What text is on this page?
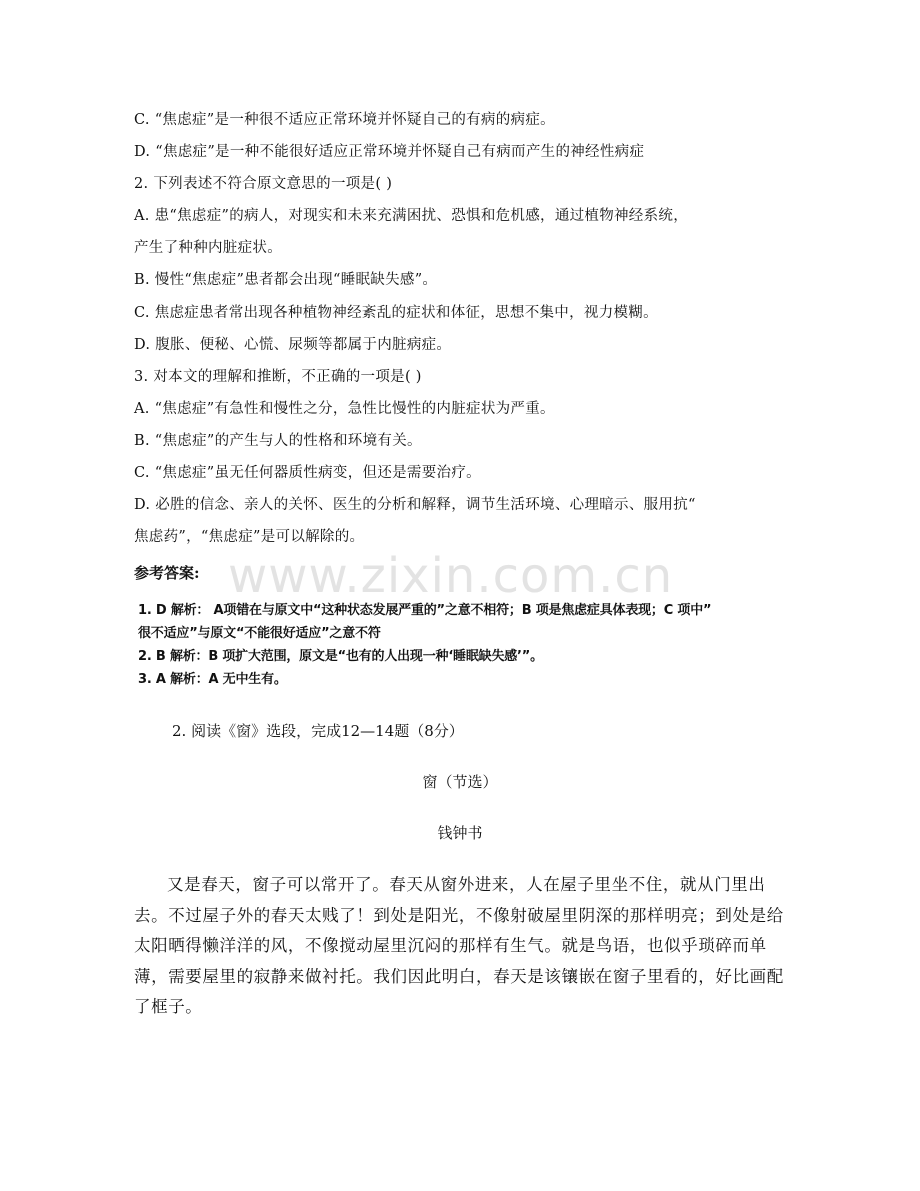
www.zixin.com.cn
C. “焦虑症”是一种很不适应正常环境并怀疑自己的有病的病症。
D. “焦虑症”是一种不能很好适应正常环境并怀疑自己有病而产生的神经性病症
2. 下列表述不符合原文意思的一项是( )
A. 患“焦虑症”的病人，对现实和未来充满困扰、恐惧和危机感，通过植物神经系统，
产生了种种内脏症状。
B. 慢性“焦虑症”患者都会出现“睡眠缺失感”。
C. 焦虑症患者常出现各种植物神经紊乱的症状和体征，思想不集中，视力模糊。
D. 腹胀、便秘、心慌、尿频等都属于内脏病症。
3. 对本文的理解和推断，不正确的一项是( )
A. “焦虑症”有急性和慢性之分，急性比慢性的内脏症状为严重。
B. “焦虑症”的产生与人的性格和环境有关。
C. “焦虑症”虽无任何器质性病变，但还是需要治疗。
D. 必胜的信念、亲人的关怀、医生的分析和解释，调节生活环境、心理暗示、服用抗“
焦虑药”，“焦虑症”是可以解除的。
参考答案:
1. D 解析： A项错在与原文中“这种状态发展严重的”之意不相符；B 项是焦虑症具体表现；C 项中”
很不适应”与原文“不能很好适应”之意不符
2. B 解析：B 项扩大范围，原文是“也有的人出现一种‘睡眠缺失感’”。
3. A 解析：A 无中生有。
2. 阅读《窗》选段，完成12—14题（8分）
窗（节选）
钱钟书

又是春天，窗子可以常开了。春天从窗外进来，人在屋子里坐不住，就从门里出去。不过屋子外的春天太贱了！到处是阳光，不像射破屋里阴深的那样明亮；到处是给太阳晒得懒洋洋的风，不像搅动屋里沉闷的那样有生气。就是鸟语，也似乎琐碎而单薄，需要屋里的寂静来做衬托。我们因此明白，春天是该镶嵌在窗子里看的，好比画配了框子。
